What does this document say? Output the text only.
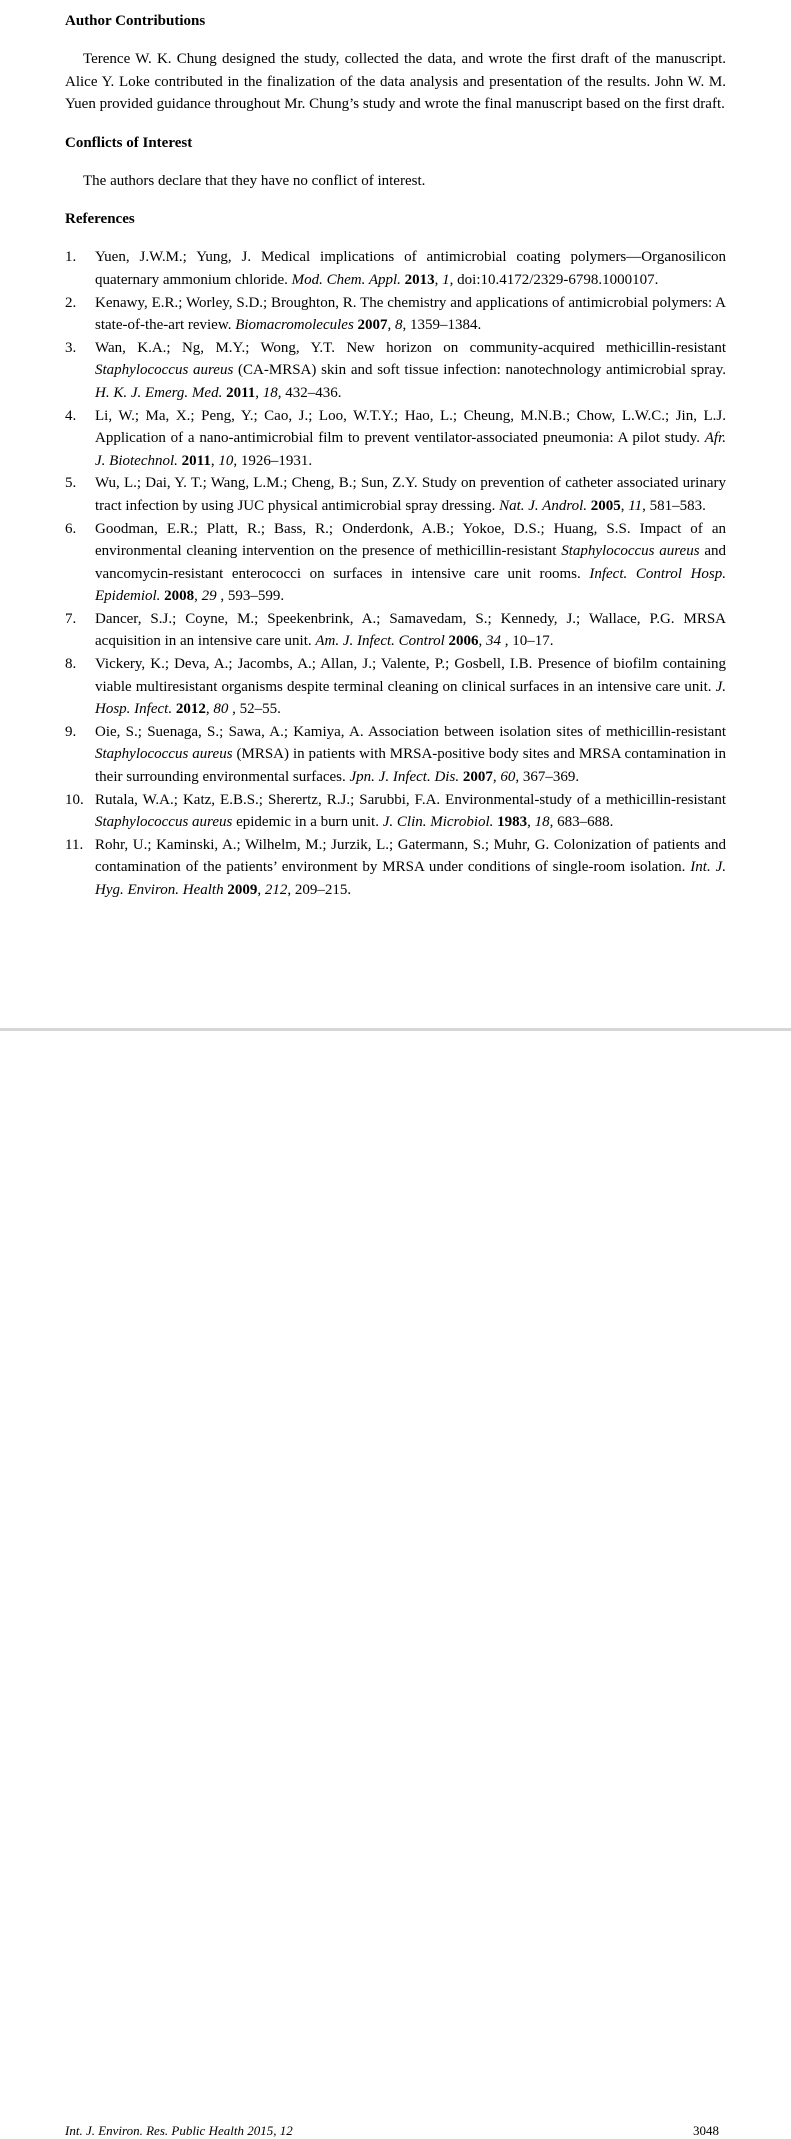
Author Contributions

Terence W. K. Chung designed the study, collected the data, and wrote the first draft of the manuscript. Alice Y. Loke contributed in the finalization of the data analysis and presentation of the results. John W. M. Yuen provided guidance throughout Mr. Chung’s study and wrote the final manuscript based on the first draft.

Conflicts of Interest

The authors declare that they have no conflict of interest.

References
1. Yuen, J.W.M.; Yung, J. Medical implications of antimicrobial coating polymers—Organosilicon quaternary ammonium chloride. Mod. Chem. Appl. 2013, 1, doi:10.4172/2329-6798.1000107.
2. Kenawy, E.R.; Worley, S.D.; Broughton, R. The chemistry and applications of antimicrobial polymers: A state-of-the-art review. Biomacromolecules 2007, 8, 1359–1384.
3. Wan, K.A.; Ng, M.Y.; Wong, Y.T. New horizon on community-acquired methicillin-resistant Staphylococcus aureus (CA-MRSA) skin and soft tissue infection: nanotechnology antimicrobial spray. H. K. J. Emerg. Med. 2011, 18, 432–436.
4. Li, W.; Ma, X.; Peng, Y.; Cao, J.; Loo, W.T.Y.; Hao, L.; Cheung, M.N.B.; Chow, L.W.C.; Jin, L.J. Application of a nano-antimicrobial film to prevent ventilator-associated pneumonia: A pilot study. Afr. J. Biotechnol. 2011, 10, 1926–1931.
5. Wu, L.; Dai, Y. T.; Wang, L.M.; Cheng, B.; Sun, Z.Y. Study on prevention of catheter associated urinary tract infection by using JUC physical antimicrobial spray dressing. Nat. J. Androl. 2005, 11, 581–583.
6. Goodman, E.R.; Platt, R.; Bass, R.; Onderdonk, A.B.; Yokoe, D.S.; Huang, S.S. Impact of an environmental cleaning intervention on the presence of methicillin-resistant Staphylococcus aureus and vancomycin-resistant enterococci on surfaces in intensive care unit rooms. Infect. Control Hosp. Epidemiol. 2008, 29 , 593–599.
7. Dancer, S.J.; Coyne, M.; Speekenbrink, A.; Samavedam, S.; Kennedy, J.; Wallace, P.G. MRSA acquisition in an intensive care unit. Am. J. Infect. Control 2006, 34 , 10–17.
8. Vickery, K.; Deva, A.; Jacombs, A.; Allan, J.; Valente, P.; Gosbell, I.B. Presence of biofilm containing viable multiresistant organisms despite terminal cleaning on clinical surfaces in an intensive care unit. J. Hosp. Infect. 2012, 80 , 52–55.
9. Oie, S.; Suenaga, S.; Sawa, A.; Kamiya, A. Association between isolation sites of methicillin-resistant Staphylococcus aureus (MRSA) in patients with MRSA-positive body sites and MRSA contamination in their surrounding environmental surfaces. Jpn. J. Infect. Dis. 2007, 60, 367–369.
10. Rutala, W.A.; Katz, E.B.S.; Sherertz, R.J.; Sarubbi, F.A. Environmental-study of a methicillin-resistant Staphylococcus aureus epidemic in a burn unit. J. Clin. Microbiol. 1983, 18, 683–688.
11. Rohr, U.; Kaminski, A.; Wilhelm, M.; Jurzik, L.; Gatermann, S.; Muhr, G. Colonization of patients and contamination of the patients’ environment by MRSA under conditions of single-room isolation. Int. J. Hyg. Environ. Health 2009, 212, 209–215.
Int. J. Environ. Res. Public Health 2015, 12	3048
